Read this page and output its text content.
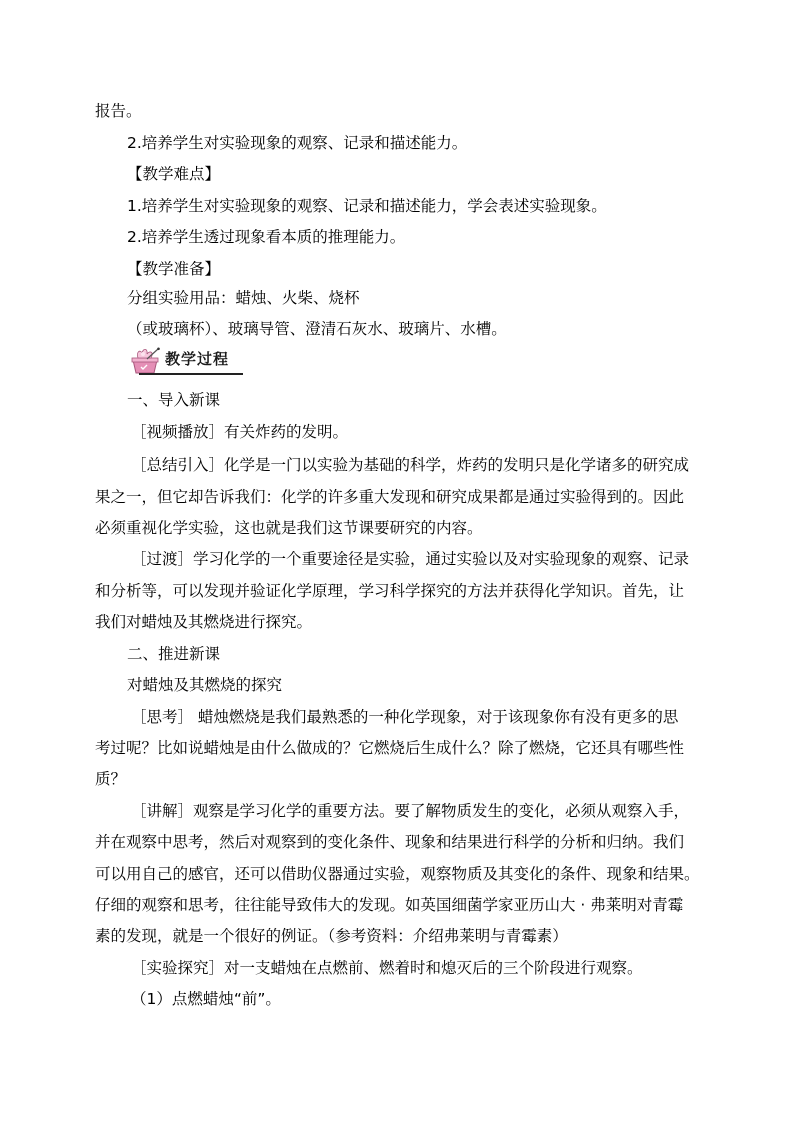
报告。
2.培养学生对实验现象的观察、记录和描述能力。
【教学难点】
1.培养学生对实验现象的观察、记录和描述能力，学会表述实验现象。
2.培养学生透过现象看本质的推理能力。
【教学准备】
分组实验用品：蜡烛、火柴、烧杯
（或玻璃杯）、玻璃导管、澄清石灰水、玻璃片、水槽。
教学过程
一、导入新课
［视频播放］有关炸药的发明。
［总结引入］化学是一门以实验为基础的科学，炸药的发明只是化学诸多的研究成
果之一，但它却告诉我们：化学的许多重大发现和研究成果都是通过实验得到的。因此
必须重视化学实验，这也就是我们这节课要研究的内容。
［过渡］学习化学的一个重要途径是实验，通过实验以及对实验现象的观察、记录
和分析等，可以发现并验证化学原理，学习科学探究的方法并获得化学知识。首先，让
我们对蜡烛及其燃烧进行探究。
二、推进新课
对蜡烛及其燃烧的探究
［思考］ 蜡烛燃烧是我们最熟悉的一种化学现象，对于该现象你有没有更多的思
考过呢？比如说蜡烛是由什么做成的？它燃烧后生成什么？除了燃烧，它还具有哪些性
质？
［讲解］观察是学习化学的重要方法。要了解物质发生的变化，必须从观察入手，
并在观察中思考，然后对观察到的变化条件、现象和结果进行科学的分析和归纳。我们
可以用自己的感官，还可以借助仪器通过实验，观察物质及其变化的条件、现象和结果。
仔细的观察和思考，往往能导致伟大的发现。如英国细菌学家亚历山大 · 弗莱明对青霉
素的发现，就是一个很好的例证。（参考资料：介绍弗莱明与青霉素）
［实验探究］对一支蜡烛在点燃前、燃着时和熄灭后的三个阶段进行观察。
（1）点燃蜡烛“前”。
